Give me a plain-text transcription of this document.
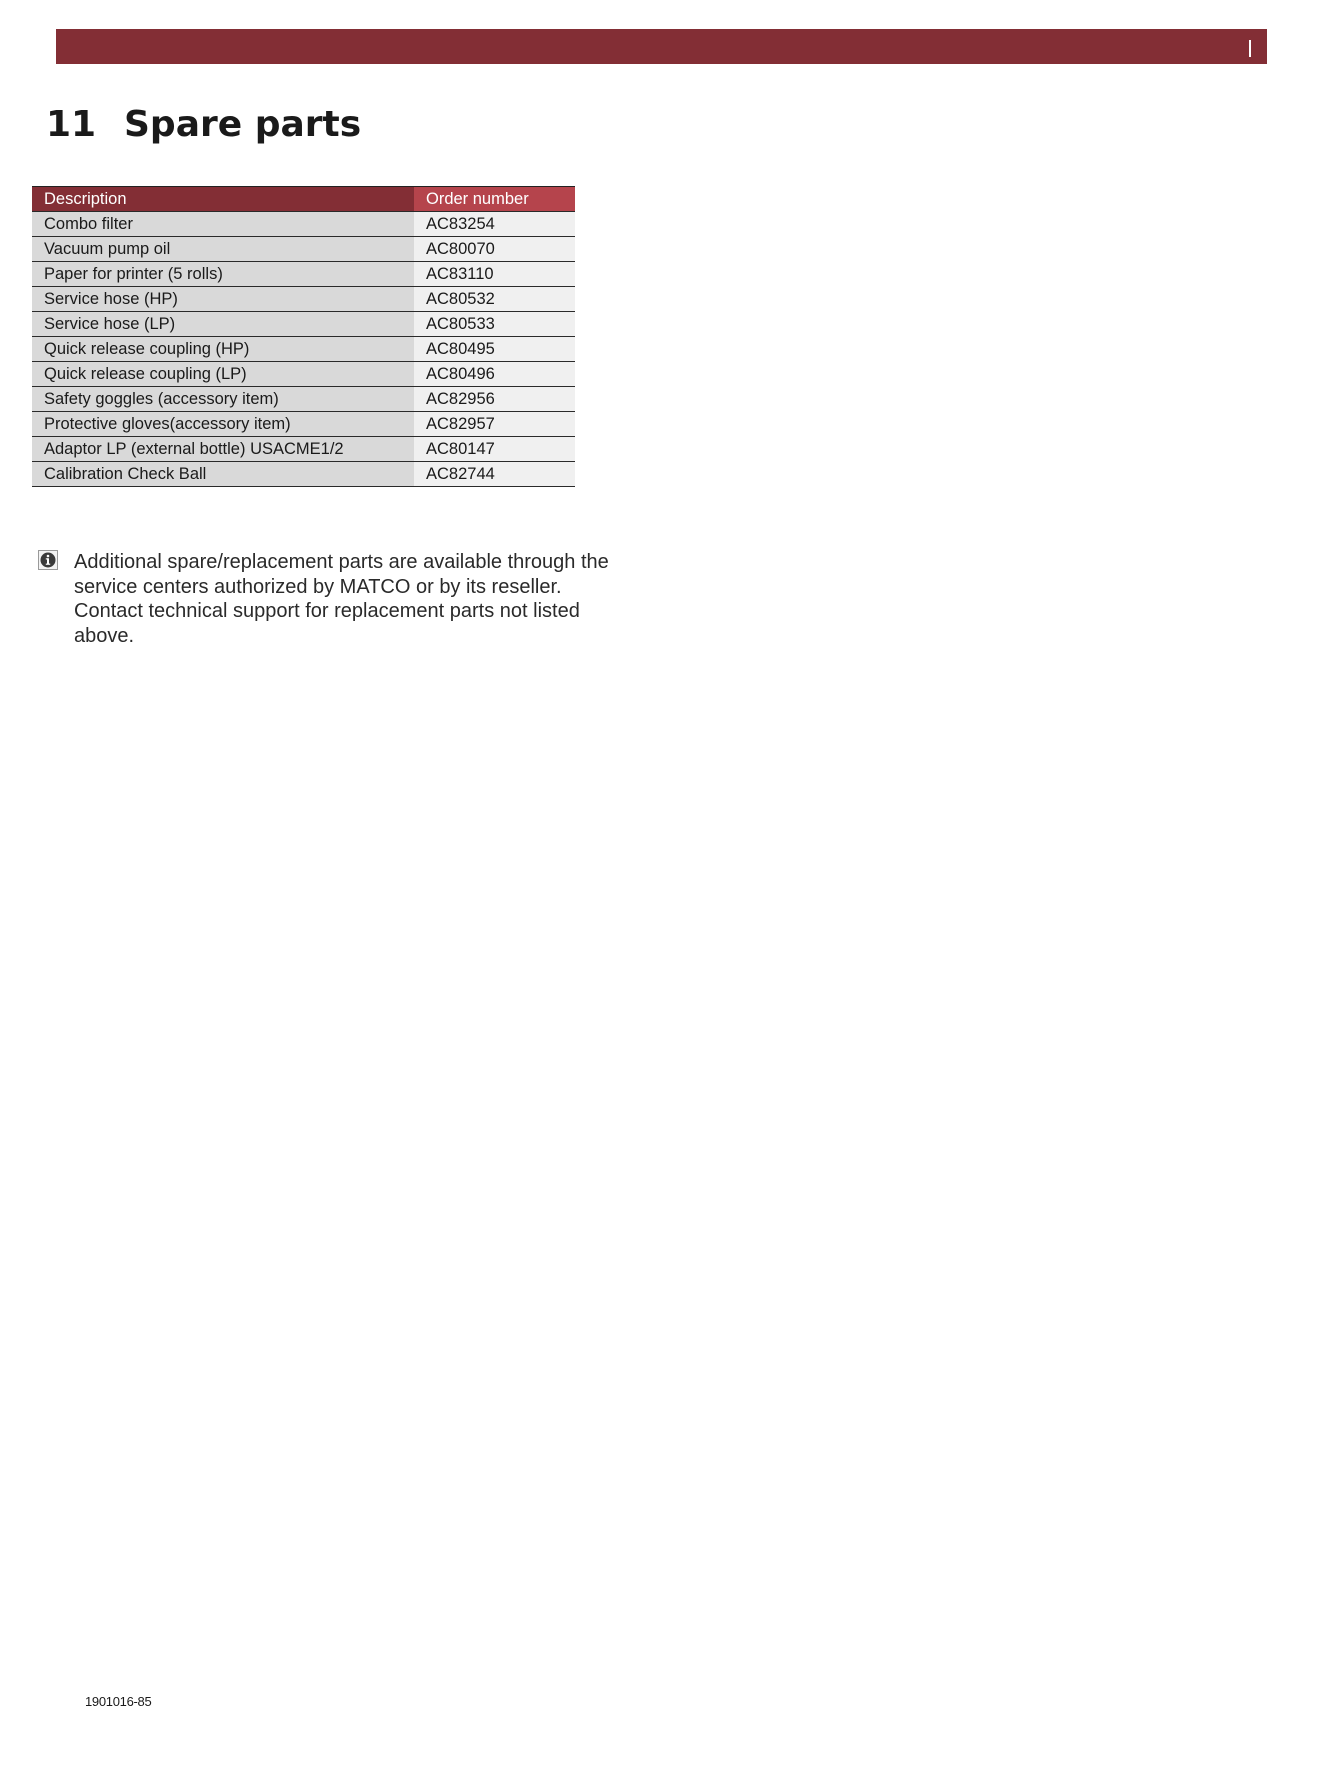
11 Spare parts
Description	Order number
Combo filter	AC83254
Vacuum pump oil	AC80070
Paper for printer (5 rolls)	AC83110
Service hose (HP)	AC80532
Service hose (LP)	AC80533
Quick release coupling (HP)	AC80495
Quick release coupling (LP)	AC80496
Safety goggles (accessory item)	AC82956
Protective gloves(accessory item)	AC82957
Adaptor LP (external bottle) USACME1/2	AC80147
Calibration Check Ball	AC82744
Additional spare/replacement parts are available through the service centers authorized by MATCO or by its reseller. Contact technical support for replacement parts not listed above.
1901016-85
